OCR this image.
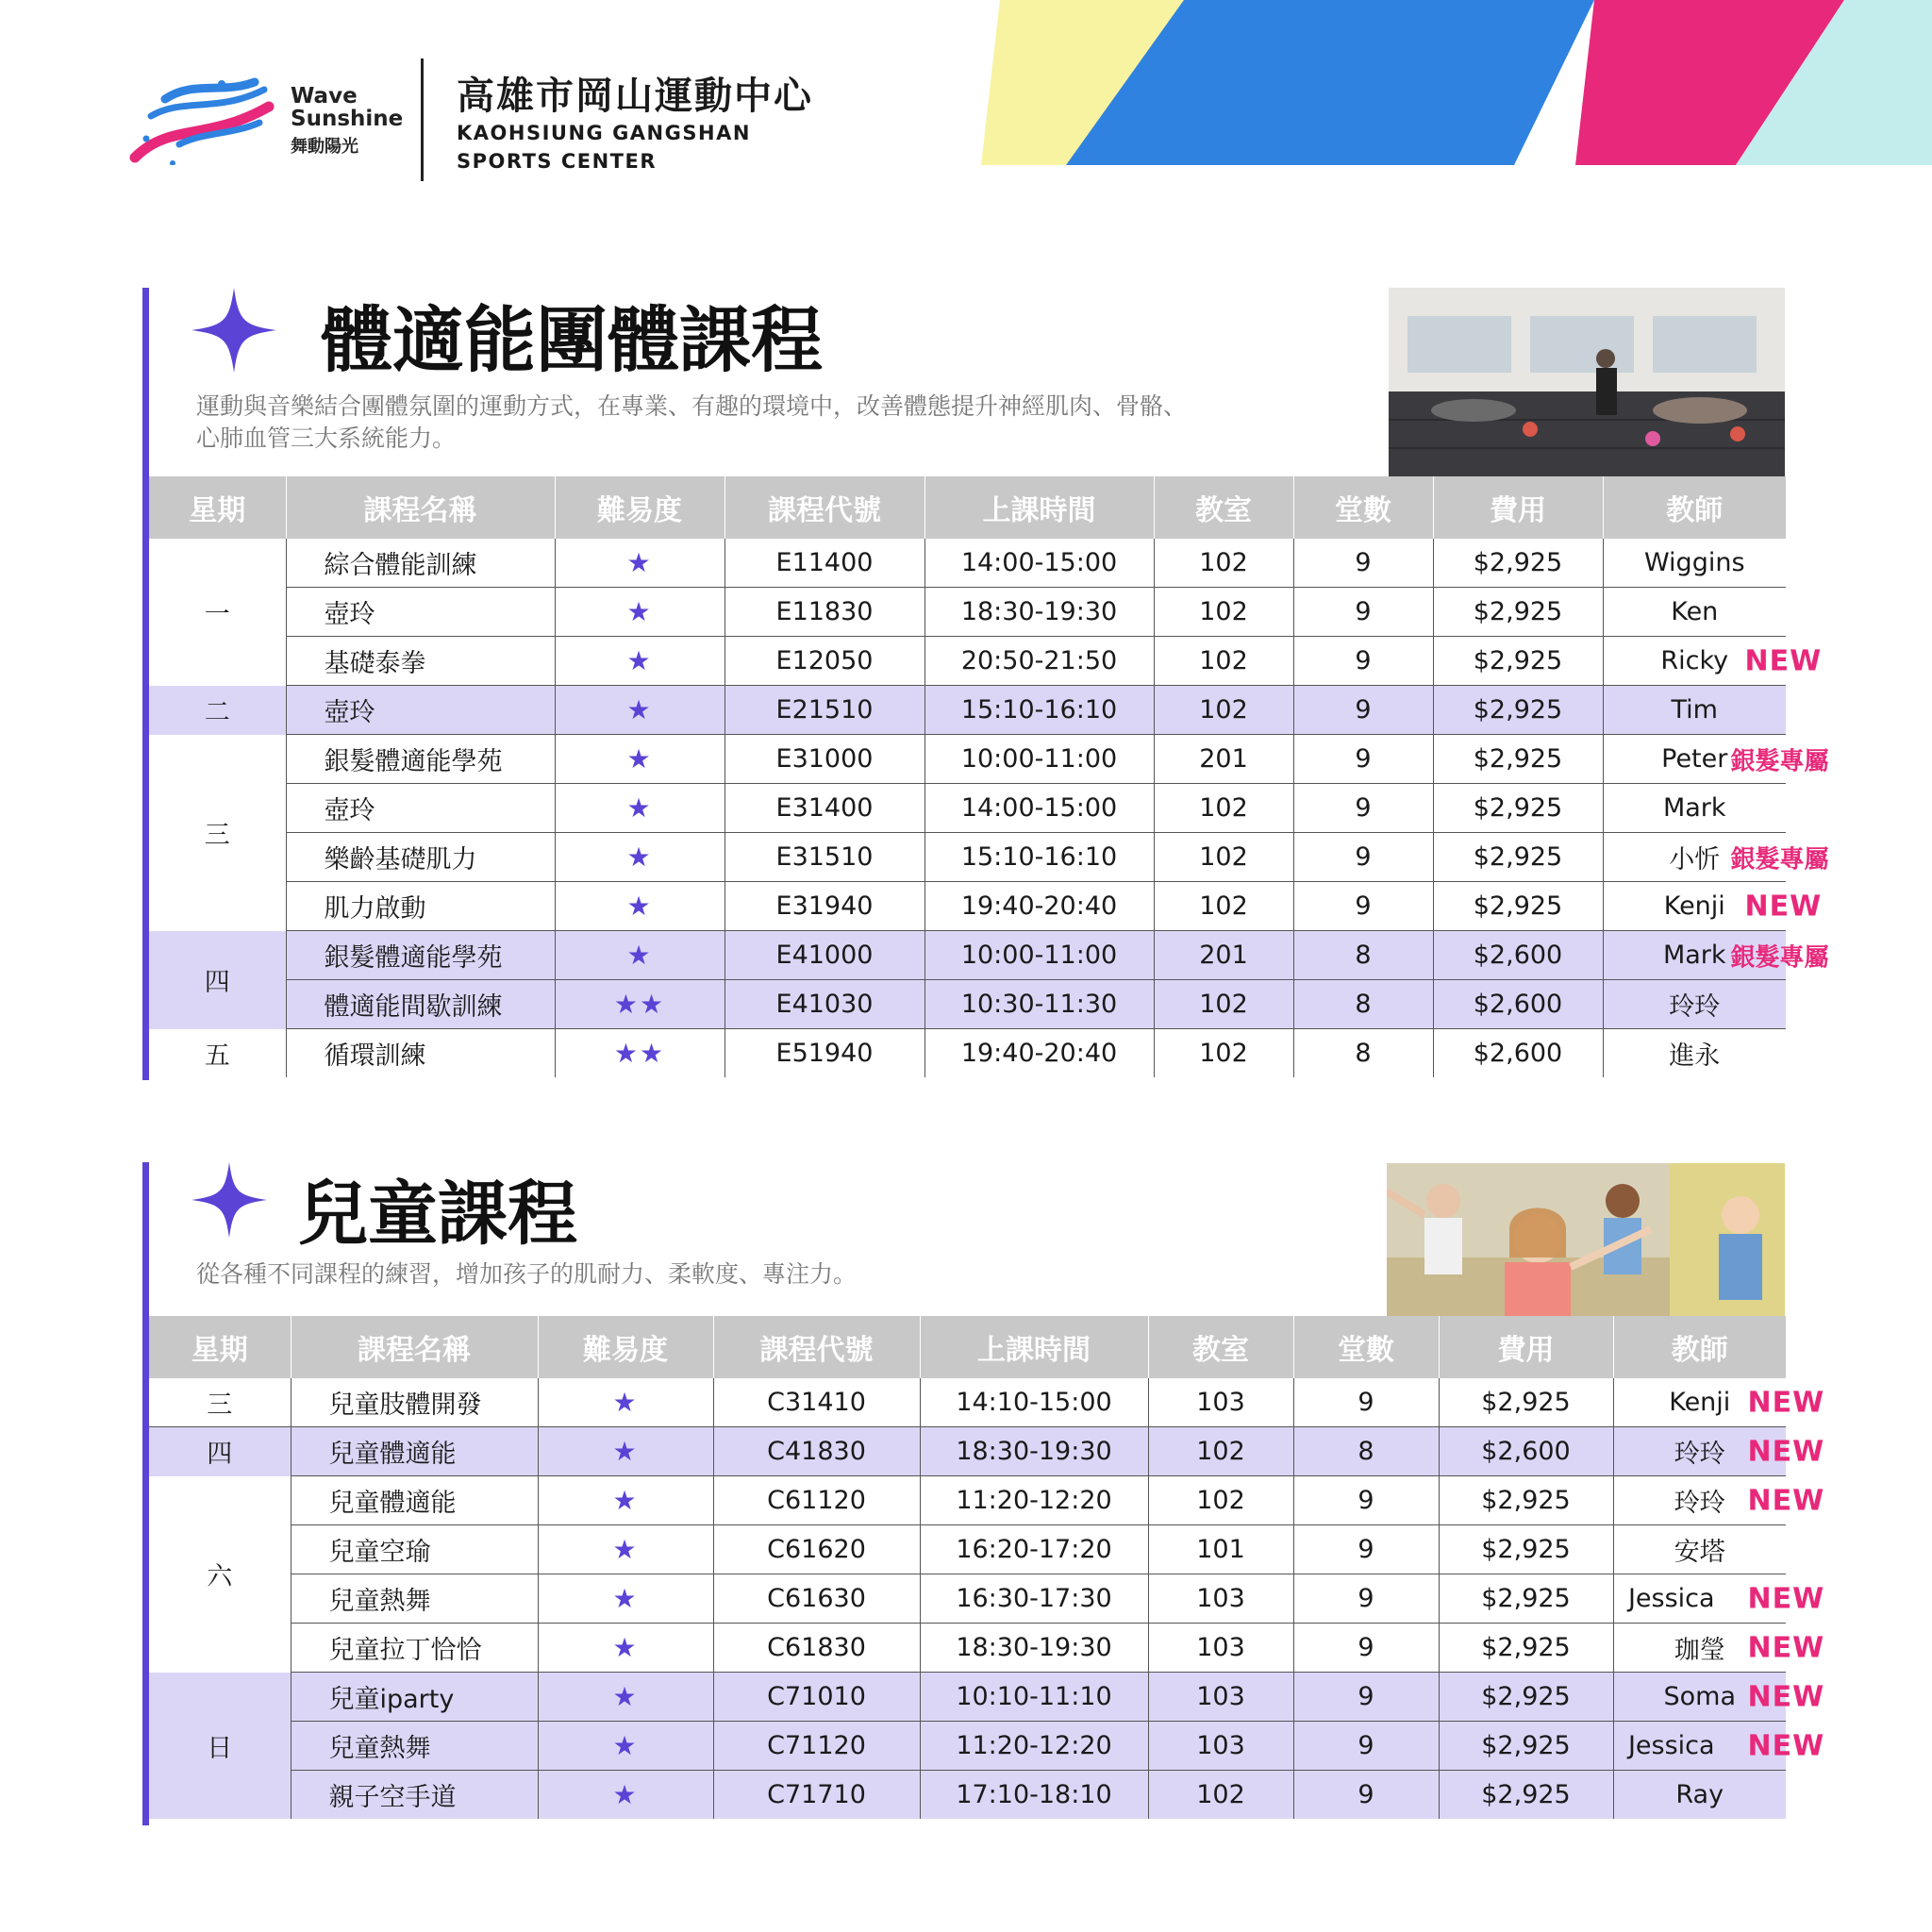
Wave
Sunshine
舞動陽光
高雄市岡山運動中心
KAOHSIUNG GANGSHAN
SPORTS CENTER
體適能團體課程
運動與音樂結合團體氛圍的運動方式，在專業、有趣的環境中，改善體態提升神經肌肉、骨骼、
心肺血管三大系統能力。
星期	課程名稱	難易度	課程代號	上課時間	教室	堂數	費用	教師
一	綜合體能訓練	★	E11400	14:00-15:00	102	9	$2,925	Wiggins
	壺玲	★	E11830	18:30-19:30	102	9	$2,925	Ken
	基礎泰拳	★	E12050	20:50-21:50	102	9	$2,925	Ricky NEW

二	壺玲	★	E21510	15:10-16:10	102	9	$2,925	Tim
三	銀髮體適能學苑	★	E31000	10:00-11:00	201	9	$2,925	Peter 銀髮專屬

	壺玲	★	E31400	14:00-15:00	102	9	$2,925	Mark
	樂齡基礎肌力	★	E31510	15:10-16:10	102	9	$2,925	小忻 銀髮專屬

	肌力啟動	★	E31940	19:40-20:40	102	9	$2,925	Kenji NEW

四	銀髮體適能學苑	★	E41000	10:00-11:00	201	8	$2,600	Mark 銀髮專屬

	體適能間歇訓練	★★	E41030	10:30-11:30	102	8	$2,600	玲玲
五	循環訓練	★★	E51940	19:40-20:40	102	8	$2,600	進永
兒童課程
從各種不同課程的練習，增加孩子的肌耐力、柔軟度、專注力。
星期	課程名稱	難易度	課程代號	上課時間	教室	堂數	費用	教師
三	兒童肢體開發	★	C31410	14:10-15:00	103	9	$2,925	Kenji NEW

四	兒童體適能	★	C41830	18:30-19:30	102	8	$2,600	玲玲 NEW

六	兒童體適能	★	C61120	11:20-12:20	102	9	$2,925	玲玲 NEW

	兒童空瑜	★	C61620	16:20-17:20	101	9	$2,925	安塔
	兒童熱舞	★	C61630	16:30-17:30	103	9	$2,925	Jessica NEW

	兒童拉丁恰恰	★	C61830	18:30-19:30	103	9	$2,925	珈瑩 NEW

日	兒童iparty	★	C71010	10:10-11:10	103	9	$2,925	Soma NEW

	兒童熱舞	★	C71120	11:20-12:20	103	9	$2,925	Jessica NEW

	親子空手道	★	C71710	17:10-18:10	102	9	$2,925	Ray
